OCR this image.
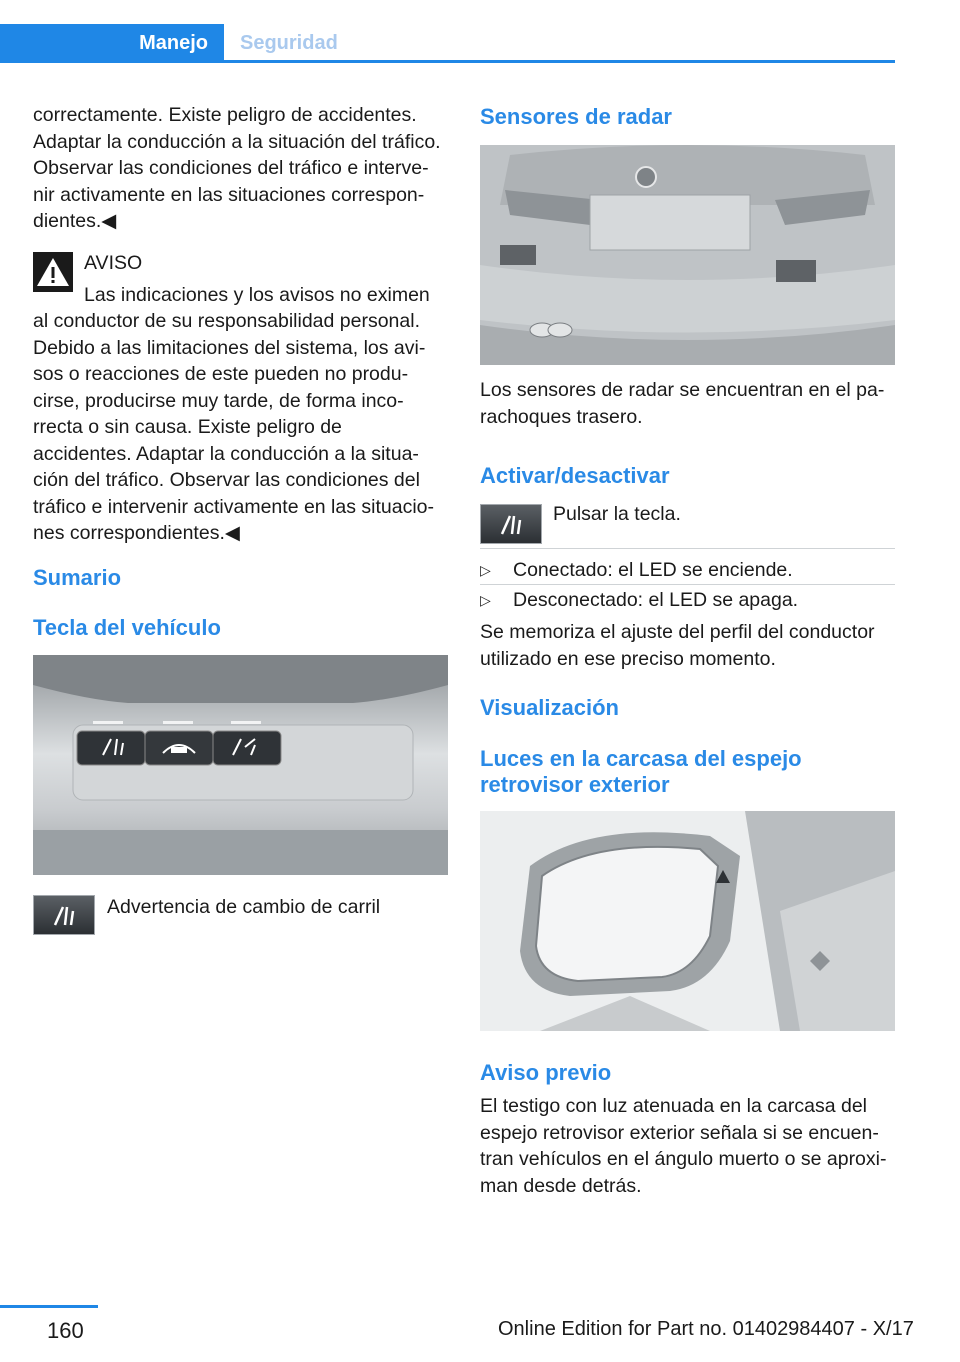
Manejo	Seguridad
correctamente. Existe peligro de accidentes.
Adaptar la conducción a la situación del tráfico.
Observar las condiciones del tráfico e interve‐
nir activamente en las situaciones correspon‐
dientes.◀
AVISO
Las indicaciones y los avisos no eximen
al conductor de su responsabilidad personal.
Debido a las limitaciones del sistema, los avi‐
sos o reacciones de este pueden no produ‐
cirse, producirse muy tarde, de forma inco‐
rrecta o sin causa. Existe peligro de
accidentes. Adaptar la conducción a la situa‐
ción del tráfico. Observar las condiciones del
tráfico e intervenir activamente en las situacio‐
nes correspondientes.◀
Sumario
Tecla del vehículo
Advertencia de cambio de carril
Sensores de radar
Los sensores de radar se encuentran en el pa‐
rachoques trasero.
Activar/desactivar
Pulsar la tecla.
▷ Conectado: el LED se enciende.
▷ Desconectado: el LED se apaga.
Se memoriza el ajuste del perfil del conductor
utilizado en ese preciso momento.
Visualización
Luces en la carcasa del espejo
retrovisor exterior
Aviso previo
El testigo con luz atenuada en la carcasa del
espejo retrovisor exterior señala si se encuen‐
tran vehículos en el ángulo muerto o se aproxi‐
man desde detrás.
160	Online Edition for Part no. 01402984407 - X/17
